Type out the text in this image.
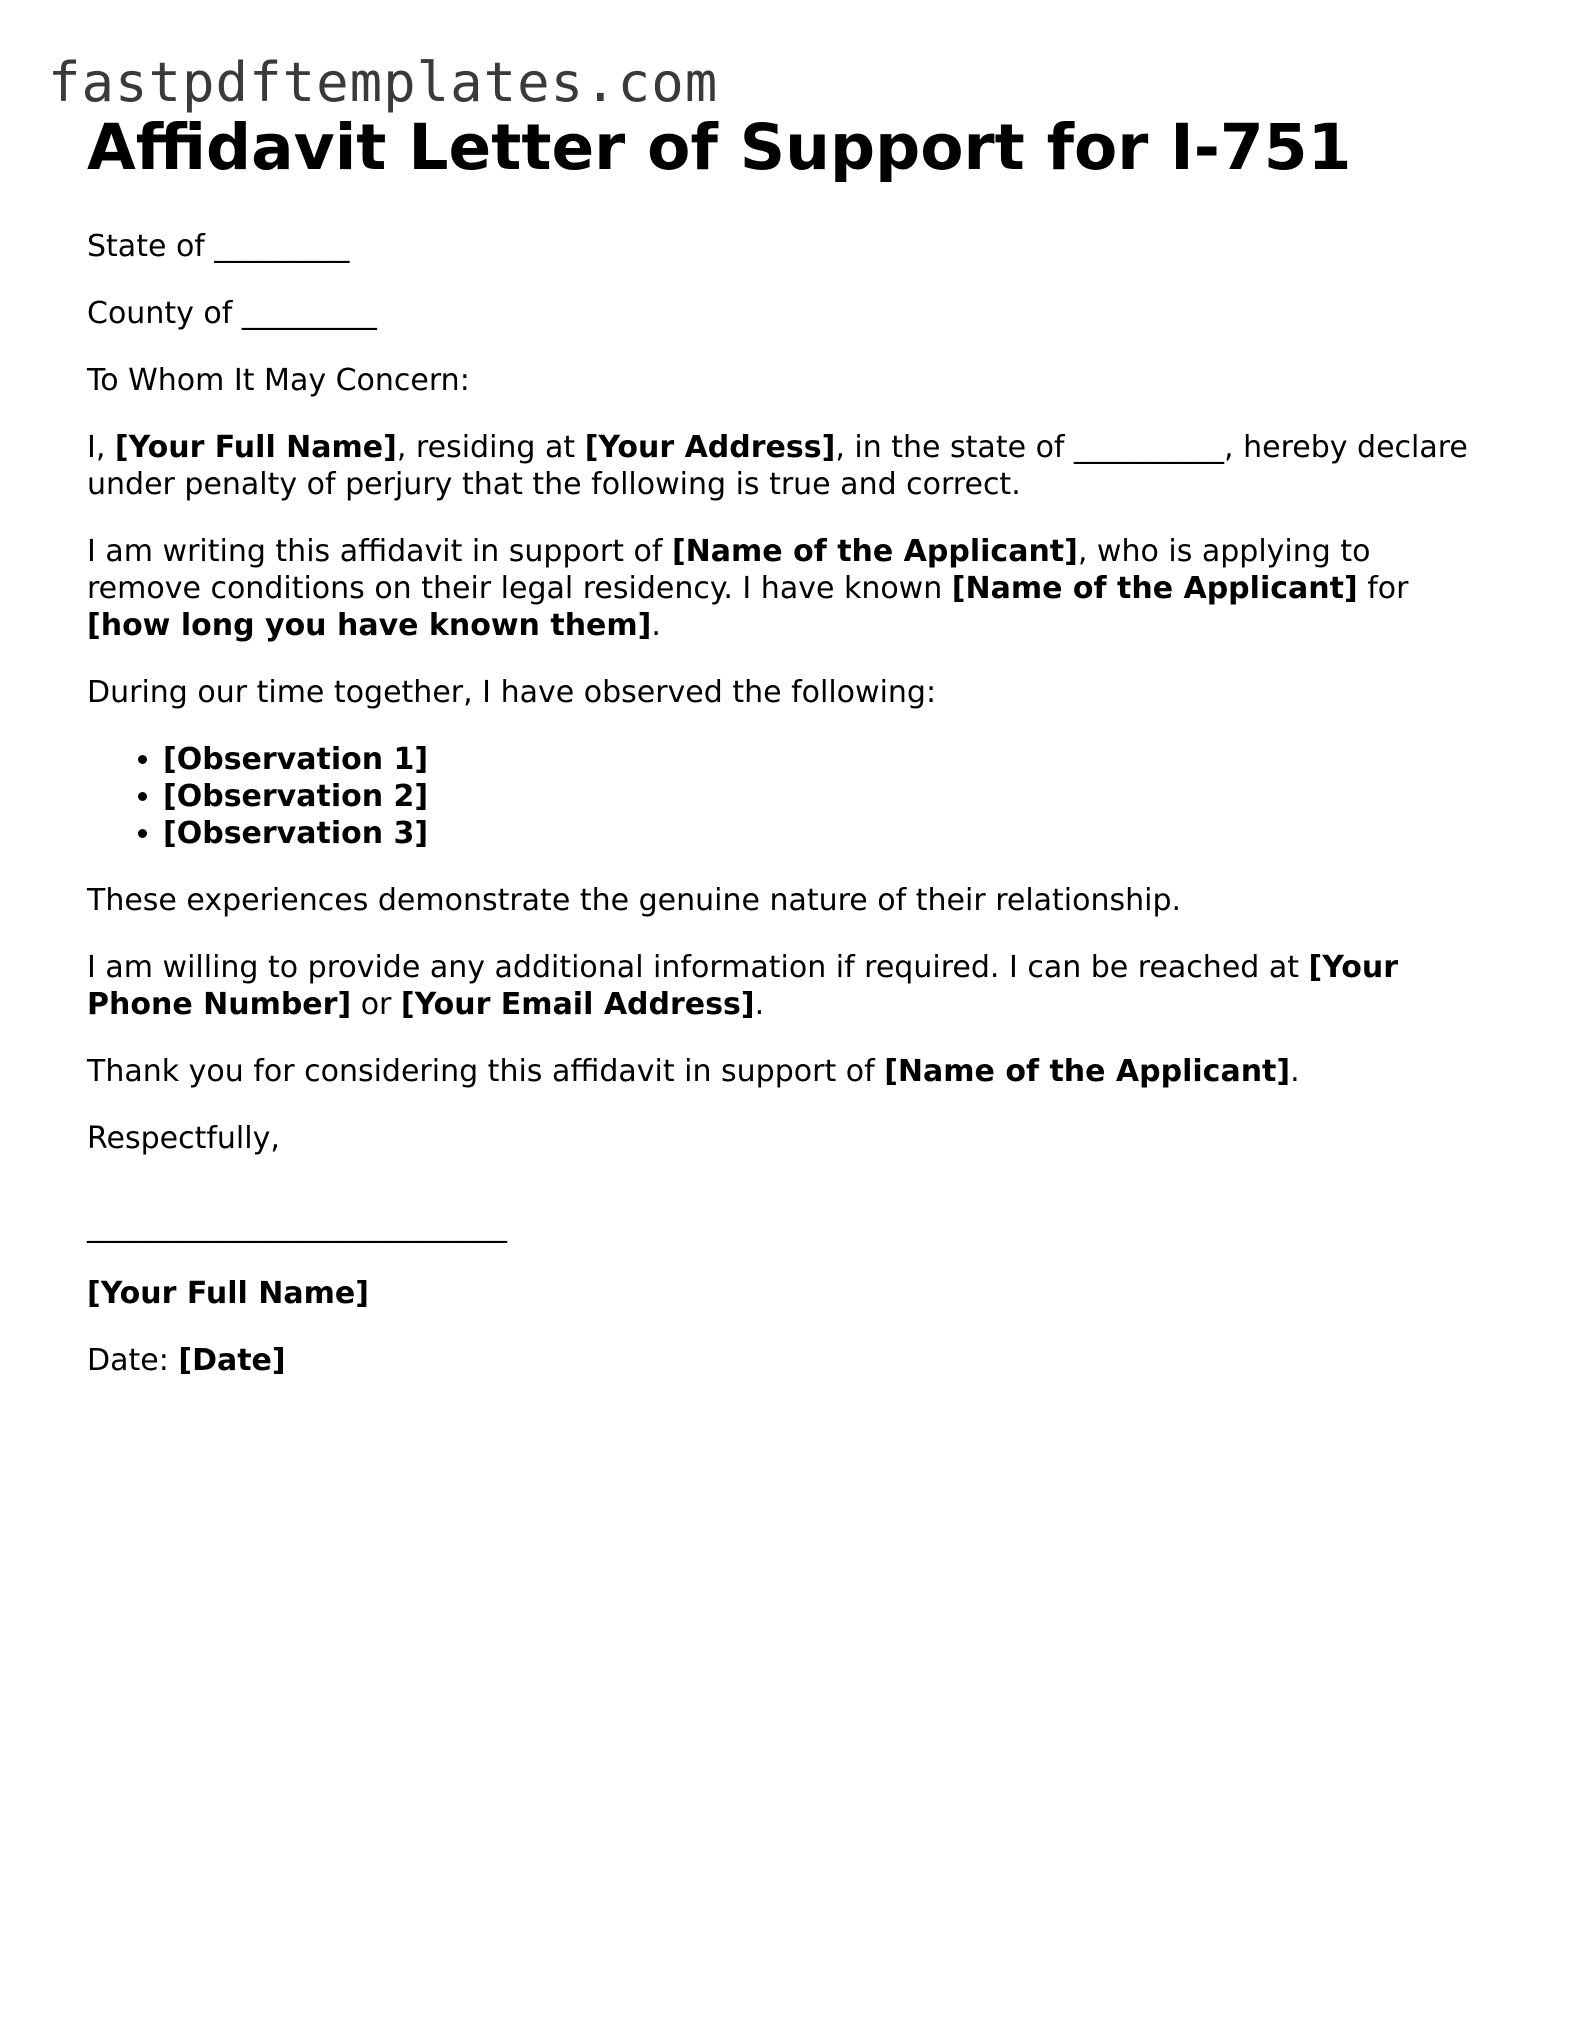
fastpdftemplates.com
Affidavit Letter of Support for I-751

State of _________

County of _________

To Whom It May Concern:

I, [Your Full Name], residing at [Your Address], in the state of __________, hereby declare under penalty of perjury that the following is true and correct.

I am writing this affidavit in support of [Name of the Applicant], who is applying to remove conditions on their legal residency. I have known [Name of the Applicant] for [how long you have known them].

During our time together, I have observed the following:

• [Observation 1]
• [Observation 2]
• [Observation 3]

These experiences demonstrate the genuine nature of their relationship.

I am willing to provide any additional information if required. I can be reached at [Your Phone Number] or [Your Email Address].

Thank you for considering this affidavit in support of [Name of the Applicant].

Respectfully,

____________________________

[Your Full Name]

Date: [Date]
